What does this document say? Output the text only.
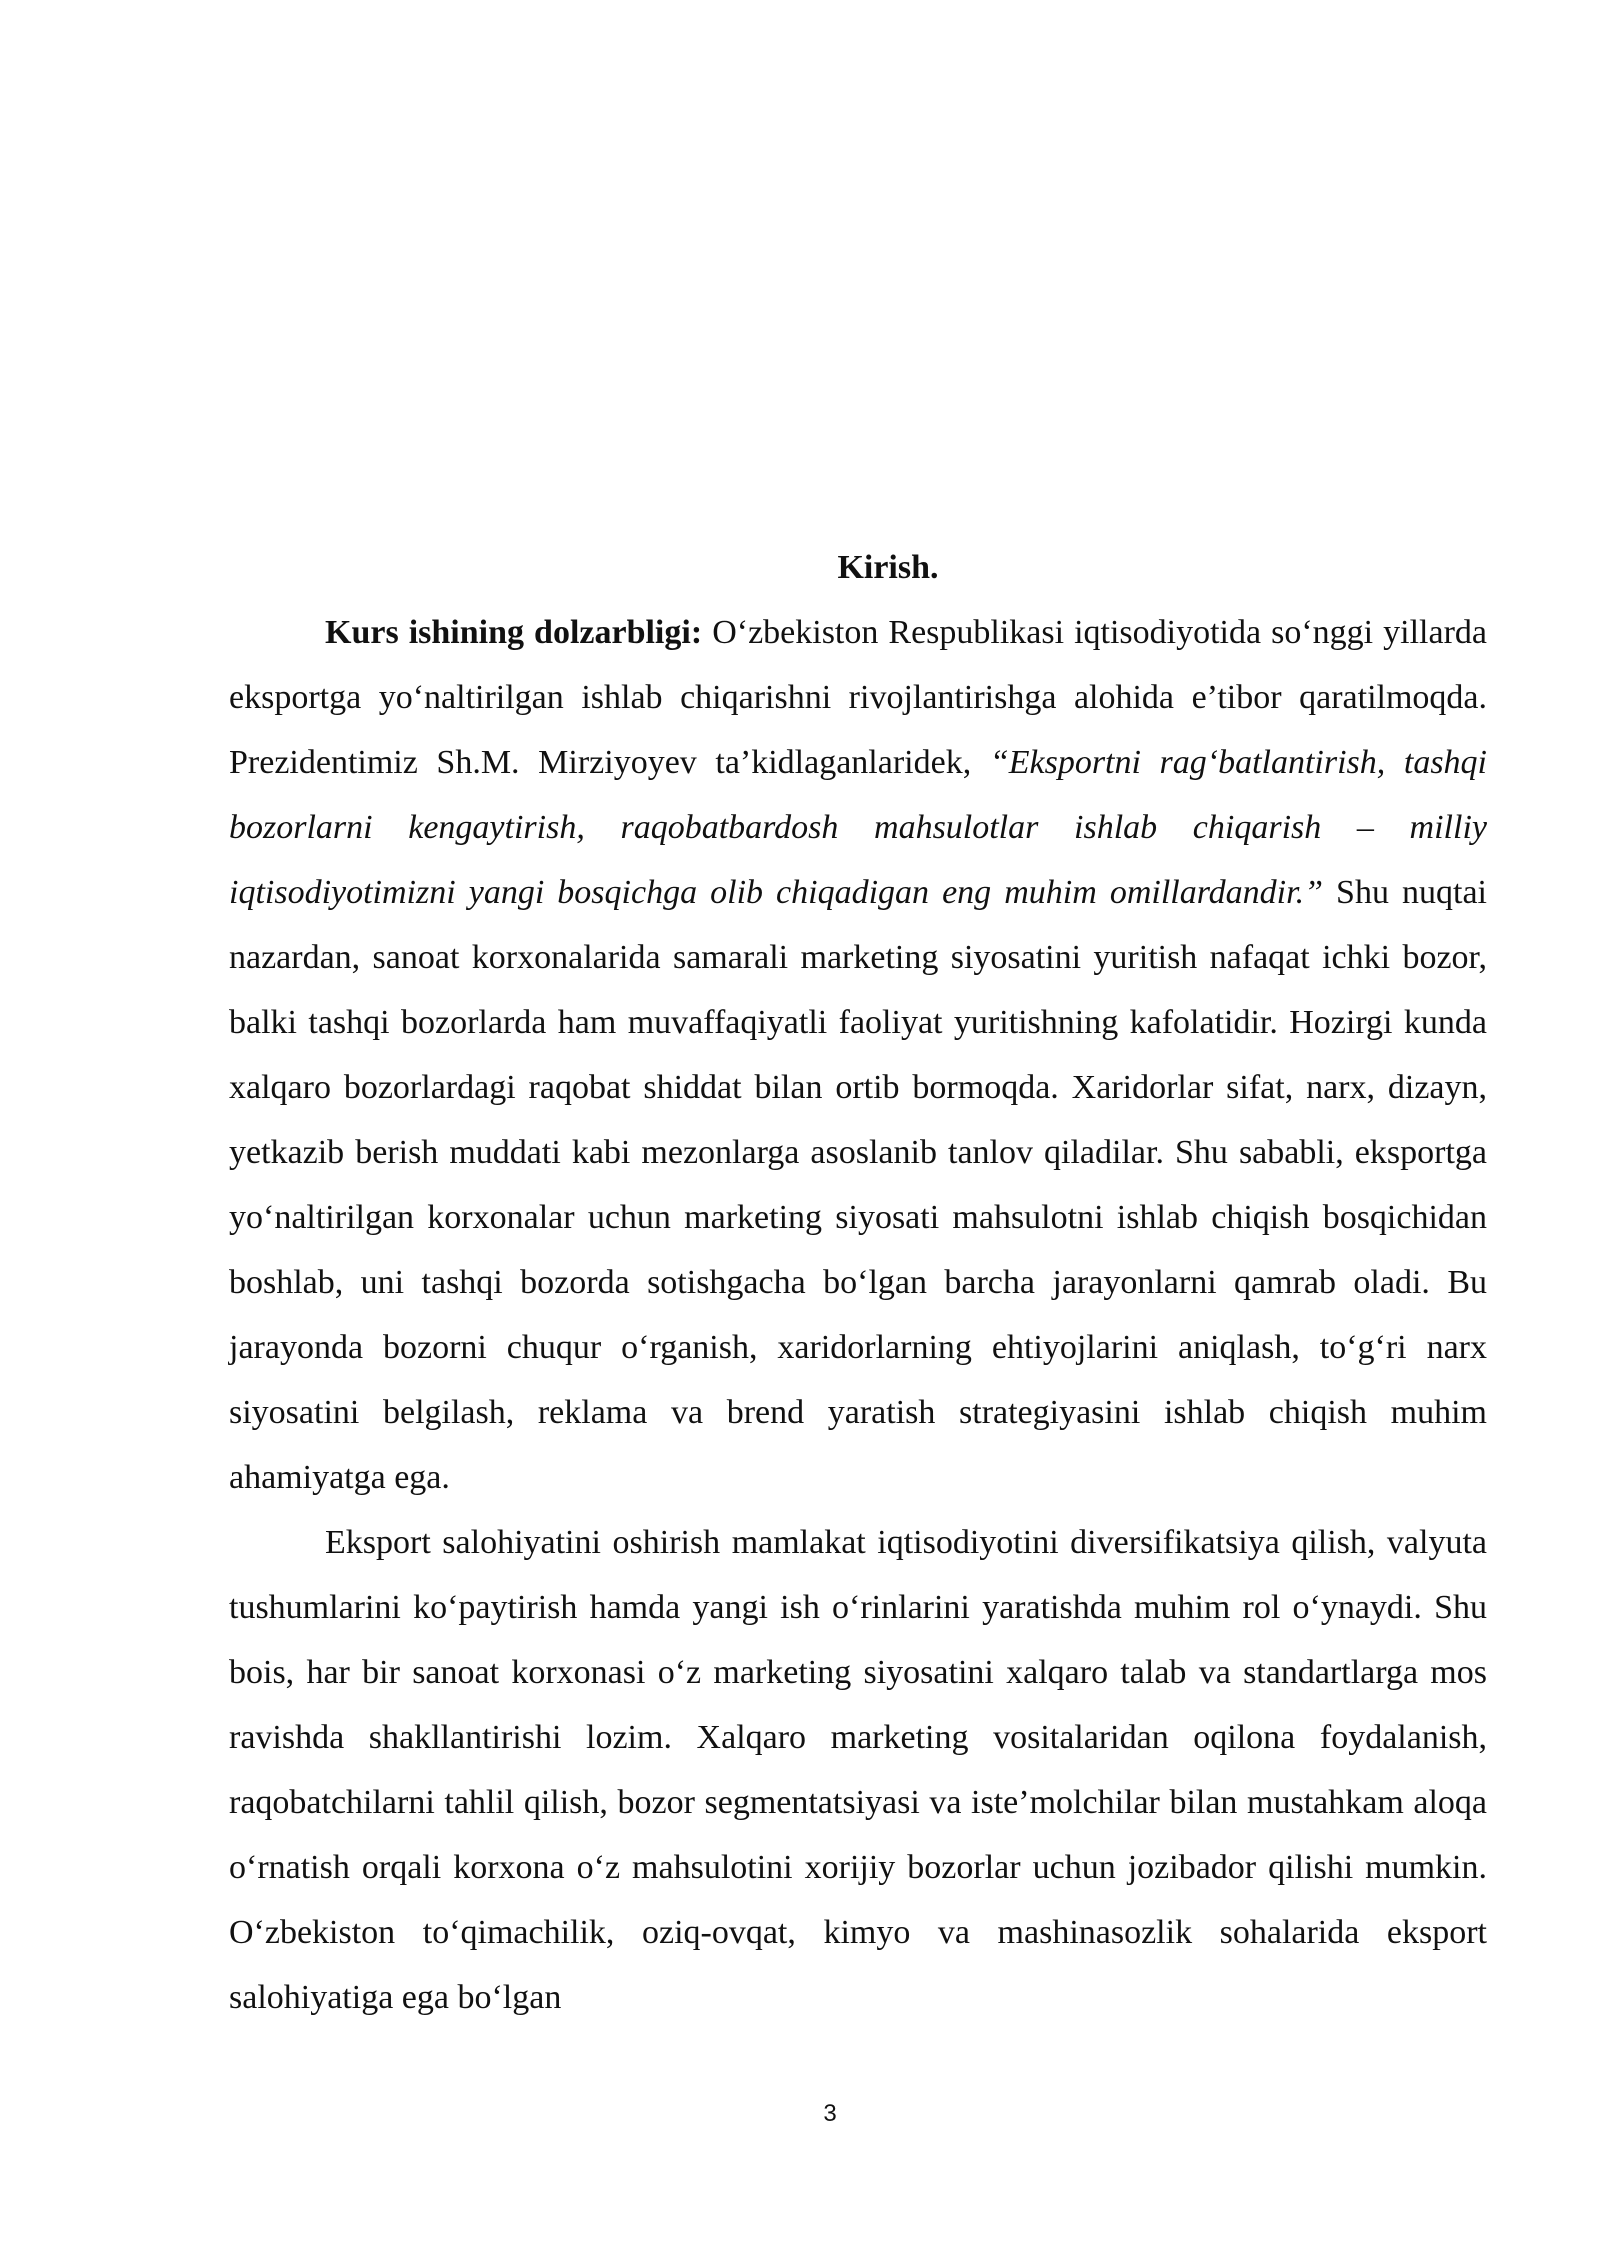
Kirish.

Kurs ishining dolzarbligi: O‘zbekiston Respublikasi iqtisodiyotida so‘nggi yillarda eksportga yo‘naltirilgan ishlab chiqarishni rivojlantirishga alohida e’tibor qaratilmoqda. Prezidentimiz Sh.M. Mirziyoyev ta’kidlaganlaridek, “Eksportni rag‘batlantirish, tashqi bozorlarni kengaytirish, raqobatbardosh mahsulotlar ishlab chiqarish – milliy iqtisodiyotimizni yangi bosqichga olib chiqadigan eng muhim omillardandir.” Shu nuqtai nazardan, sanoat korxonalarida samarali marketing siyosatini yuritish nafaqat ichki bozor, balki tashqi bozorlarda ham muvaffaqiyatli faoliyat yuritishning kafolatidir. Hozirgi kunda xalqaro bozorlardagi raqobat shiddat bilan ortib bormoqda. Xaridorlar sifat, narx, dizayn, yetkazib berish muddati kabi mezonlarga asoslanib tanlov qiladilar. Shu sababli, eksportga yo‘naltirilgan korxonalar uchun marketing siyosati mahsulotni ishlab chiqish bosqichidan boshlab, uni tashqi bozorda sotishgacha bo‘lgan barcha jarayonlarni qamrab oladi. Bu jarayonda bozorni chuqur o‘rganish, xaridorlarning ehtiyojlarini aniqlash, to‘g‘ri narx siyosatini belgilash, reklama va brend yaratish strategiyasini ishlab chiqish muhim ahamiyatga ega.

Eksport salohiyatini oshirish mamlakat iqtisodiyotini diversifikatsiya qilish, valyuta tushumlarini ko‘paytirish hamda yangi ish o‘rinlarini yaratishda muhim rol o‘ynaydi. Shu bois, har bir sanoat korxonasi o‘z marketing siyosatini xalqaro talab va standartlarga mos ravishda shakllantirishi lozim. Xalqaro marketing vositalaridan oqilona foydalanish, raqobatchilarni tahlil qilish, bozor segmentatsiyasi va iste’molchilar bilan mustahkam aloqa o‘rnatish orqali korxona o‘z mahsulotini xorijiy bozorlar uchun jozibador qilishi mumkin. O‘zbekiston to‘qimachilik, oziq-ovqat, kimyo va mashinasozlik sohalarida eksport salohiyatiga ega bo‘lgan

3
